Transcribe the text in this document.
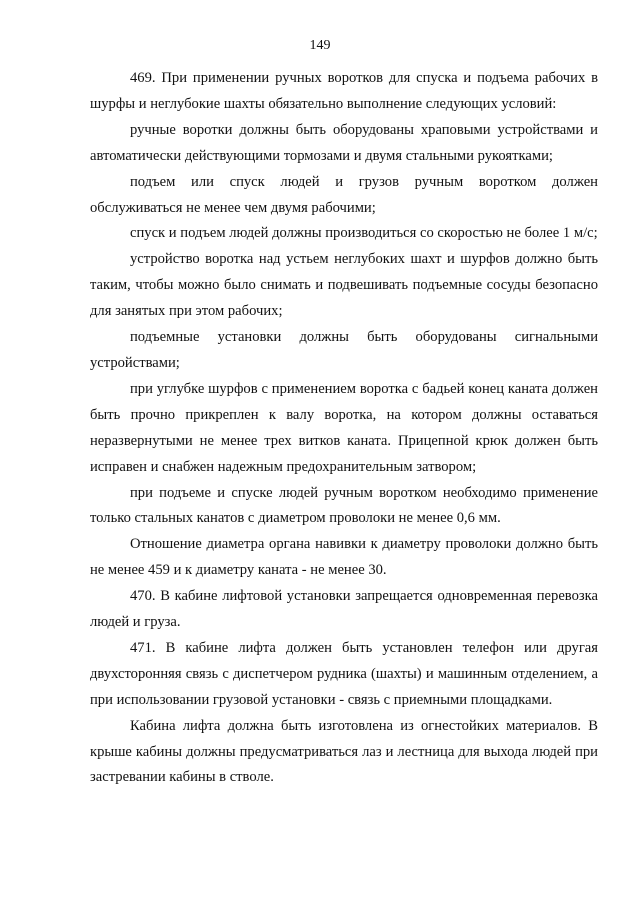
149

469. При применении ручных воротков для спуска и подъема рабочих в шурфы и неглубокие шахты обязательно выполнение следующих условий:

ручные воротки должны быть оборудованы храповыми устройствами и автоматически действующими тормозами и двумя стальными рукоятками;

подъем или спуск людей и грузов ручным воротком должен обслуживаться не менее чем двумя рабочими;

спуск и подъем людей должны производиться со скоростью не более 1 м/с;

устройство воротка над устьем неглубоких шахт и шурфов должно быть таким, чтобы можно было снимать и подвешивать подъемные сосуды безопасно для занятых при этом рабочих;

подъемные установки должны быть оборудованы сигнальными устройствами;

при углубке шурфов с применением воротка с бадьей конец каната должен быть прочно прикреплен к валу воротка, на котором должны оставаться неразвернутыми не менее трех витков каната. Прицепной крюк должен быть исправен и снабжен надежным предохранительным затвором;

при подъеме и спуске людей ручным воротком необходимо применение только стальных канатов с диаметром проволоки не менее 0,6 мм.

Отношение диаметра органа навивки к диаметру проволоки должно быть не менее 459 и к диаметру каната - не менее 30.

470. В кабине лифтовой установки запрещается одновременная перевозка людей и груза.

471. В кабине лифта должен быть установлен телефон или другая двухсторонняя связь с диспетчером рудника (шахты) и машинным отделением, а при использовании грузовой установки - связь с приемными площадками.

Кабина лифта должна быть изготовлена из огнестойких материалов. В крыше кабины должны предусматриваться лаз и лестница для выхода людей при застревании кабины в стволе.
